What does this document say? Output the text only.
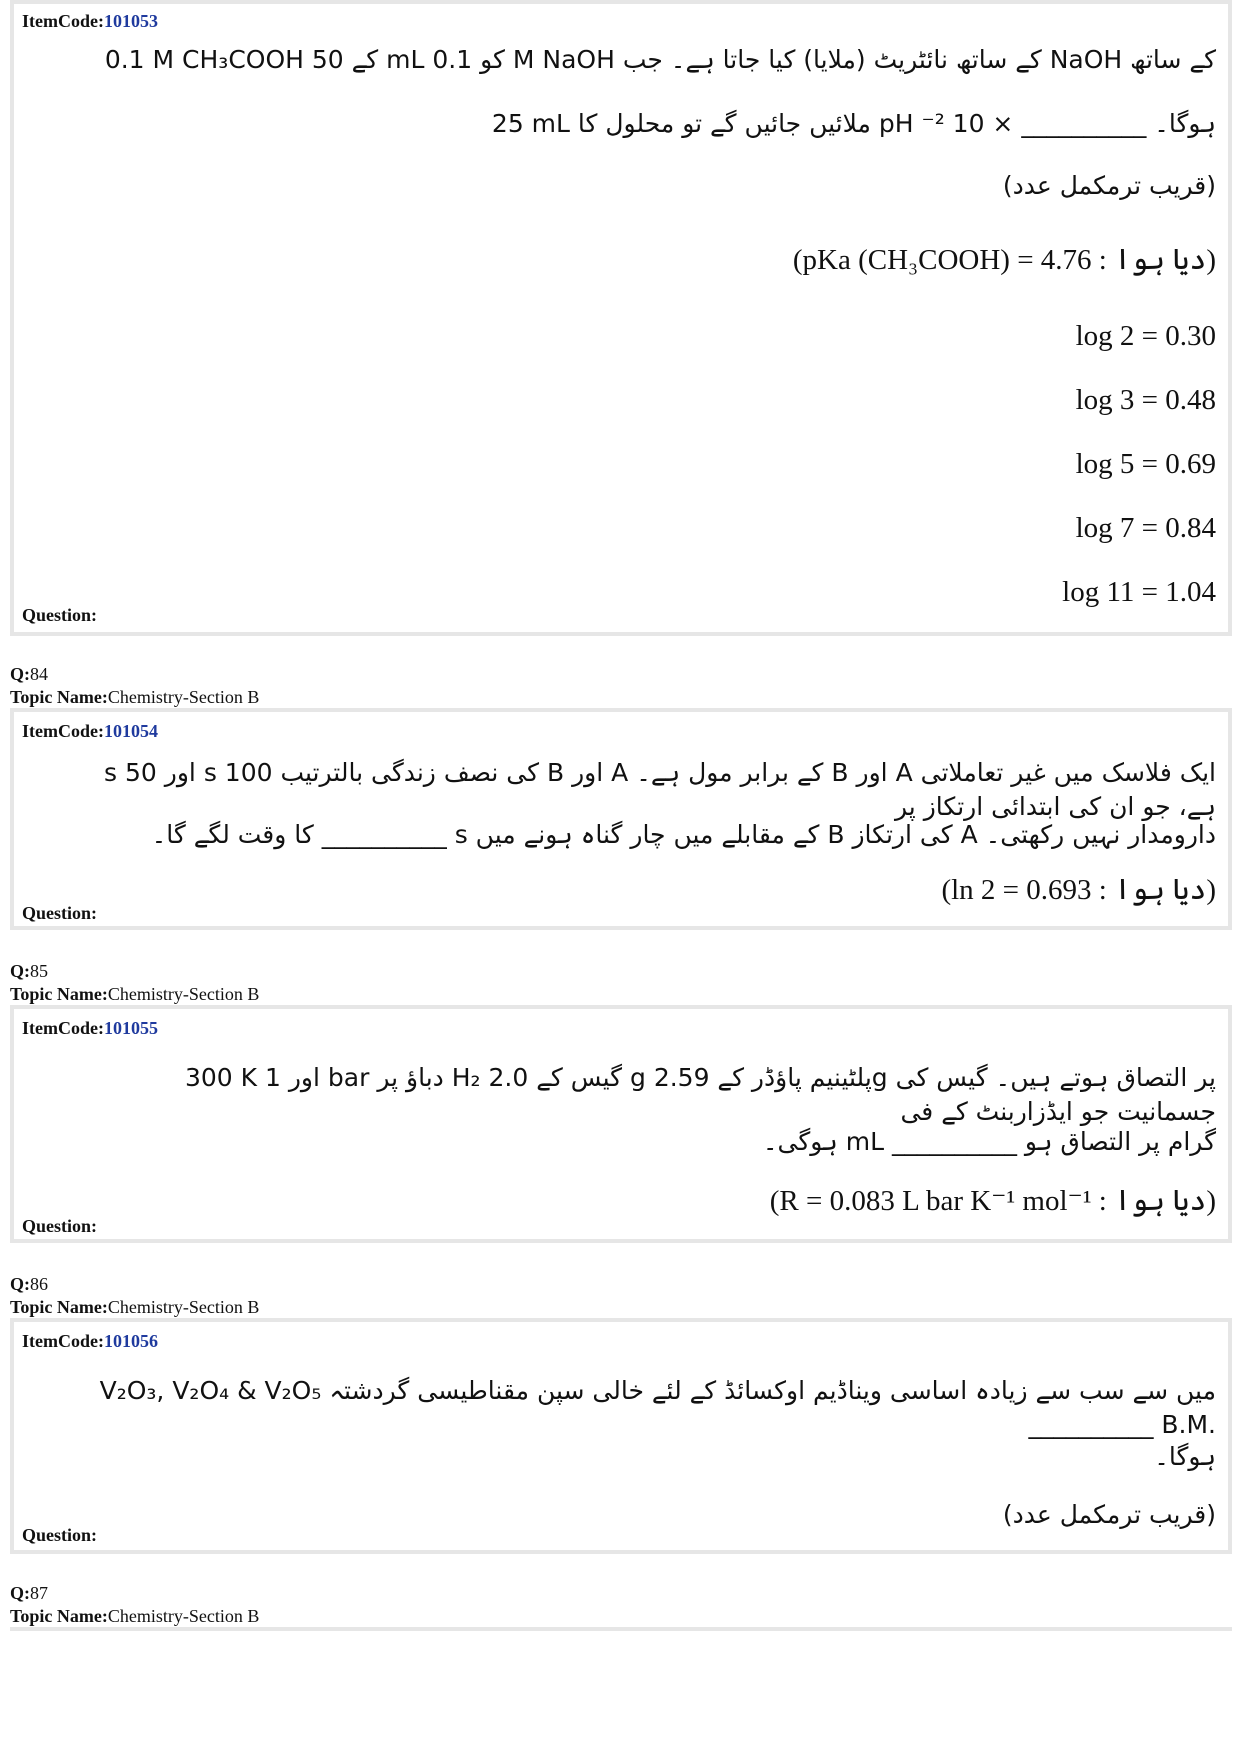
ItemCode:101053
0.1 M CH₃COOH کے 50 mL کو 0.1 M NaOH کے ساتھ نائٹریٹ (ملایا) کیا جاتا ہے۔ جب NaOH کے ساتھ
25 mL ملائیں جائیں گے تو محلول کا pH ⁻² 10 × __________ ہوگا۔
(قریب ترمکمل عدد)
(pKa (CH₃COOH) = 4.76 : دیا ہوا)
log 2 = 0.30
log 3 = 0.48
log 5 = 0.69
log 7 = 0.84
log 11 = 1.04
Question:
Q:84
Topic Name:Chemistry-Section B
ItemCode:101054
ایک فلاسک میں غیر تعاملاتی A اور B کے برابر مول ہے۔ A اور B کی نصف زندگی بالترتیب 100 s اور 50 s ہے، جو ان کی ابتدائی ارتکاز پر
دارومدار نہیں رکھتی۔ A کی ارتکاز B کے مقابلے میں چار گناہ ہونے میں s __________ کا وقت لگے گا۔
(ln 2 = 0.693 : دیا ہوا)
Question:
Q:85
Topic Name:Chemistry-Section B
ItemCode:101055
300 K اور 1 bar دباؤ پر H₂ گیس کے 2.0 g پلٹینیم پاؤڈر کے 2.59g پر التصاق ہوتے ہیں۔ گیس کی جسمانیت جو ایڈزاربنٹ کے فی
گرام پر التصاق ہو __________ mL ہوگی۔
(R = 0.083 L bar K⁻¹ mol⁻¹ : دیا ہوا)
Question:
Q:86
Topic Name:Chemistry-Section B
ItemCode:101056
V₂O₃, V₂O₄ & V₂O₅ میں سے سب سے زیادہ اساسی ویناڈیم اوکسائڈ کے لئے خالی سپن مقناطیسی گردشتہ __________ B.M.
ہوگا۔
(قریب ترمکمل عدد)
Question:
Q:87
Topic Name:Chemistry-Section B
